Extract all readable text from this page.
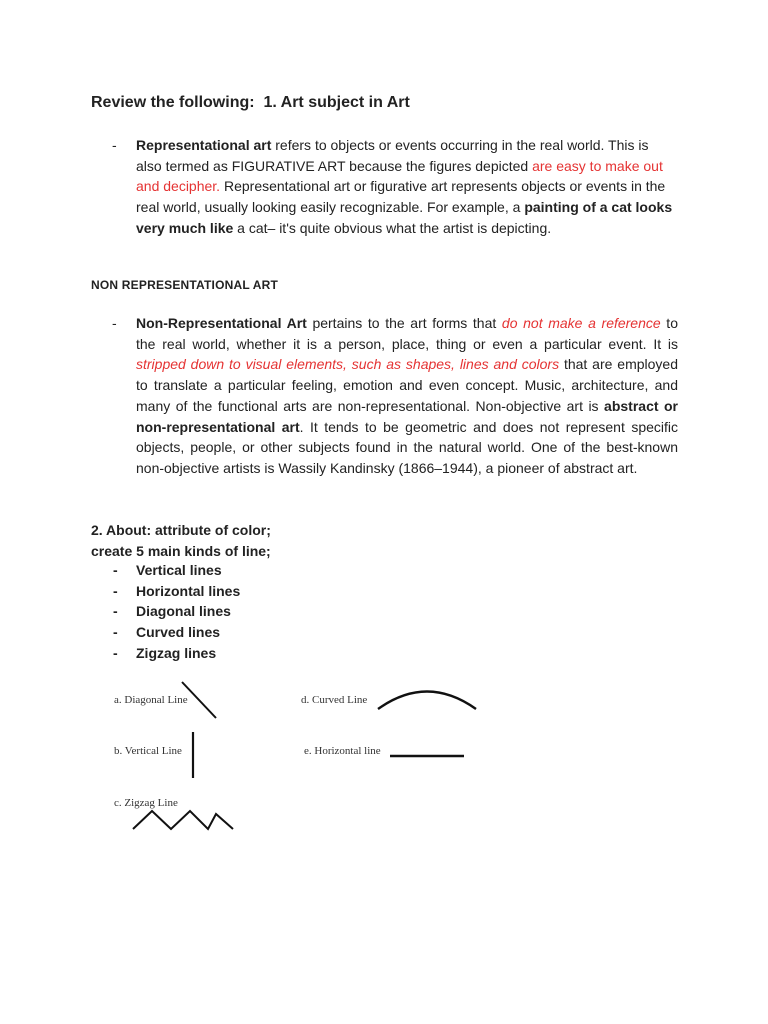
Review the following:  1. Art subject in Art
- Representational art refers to objects or events occurring in the real world. This is also termed as FIGURATIVE ART because the figures depicted are easy to make out and decipher. Representational art or figurative art represents objects or events in the real world, usually looking easily recognizable. For example, a painting of a cat looks very much like a cat– it's quite obvious what the artist is depicting.
NON REPRESENTATIONAL ART
- Non-Representational Art pertains to the art forms that do not make a reference to the real world, whether it is a person, place, thing or even a particular event. It is stripped down to visual elements, such as shapes, lines and colors that are employed to translate a particular feeling, emotion and even concept. Music, architecture, and many of the functional arts are non-representational. Non-objective art is abstract or non-representational art. It tends to be geometric and does not represent specific objects, people, or other subjects found in the natural world. One of the best-known non-objective artists is Wassily Kandinsky (1866–1944), a pioneer of abstract art.
2. About: attribute of color;
create 5 main kinds of line;
- Vertical lines
- Horizontal lines
- Diagonal lines
- Curved lines
- Zigzag lines
a. Diagonal Line
b. Vertical Line
c. Zigzag Line
d. Curved Line
e. Horizontal line
